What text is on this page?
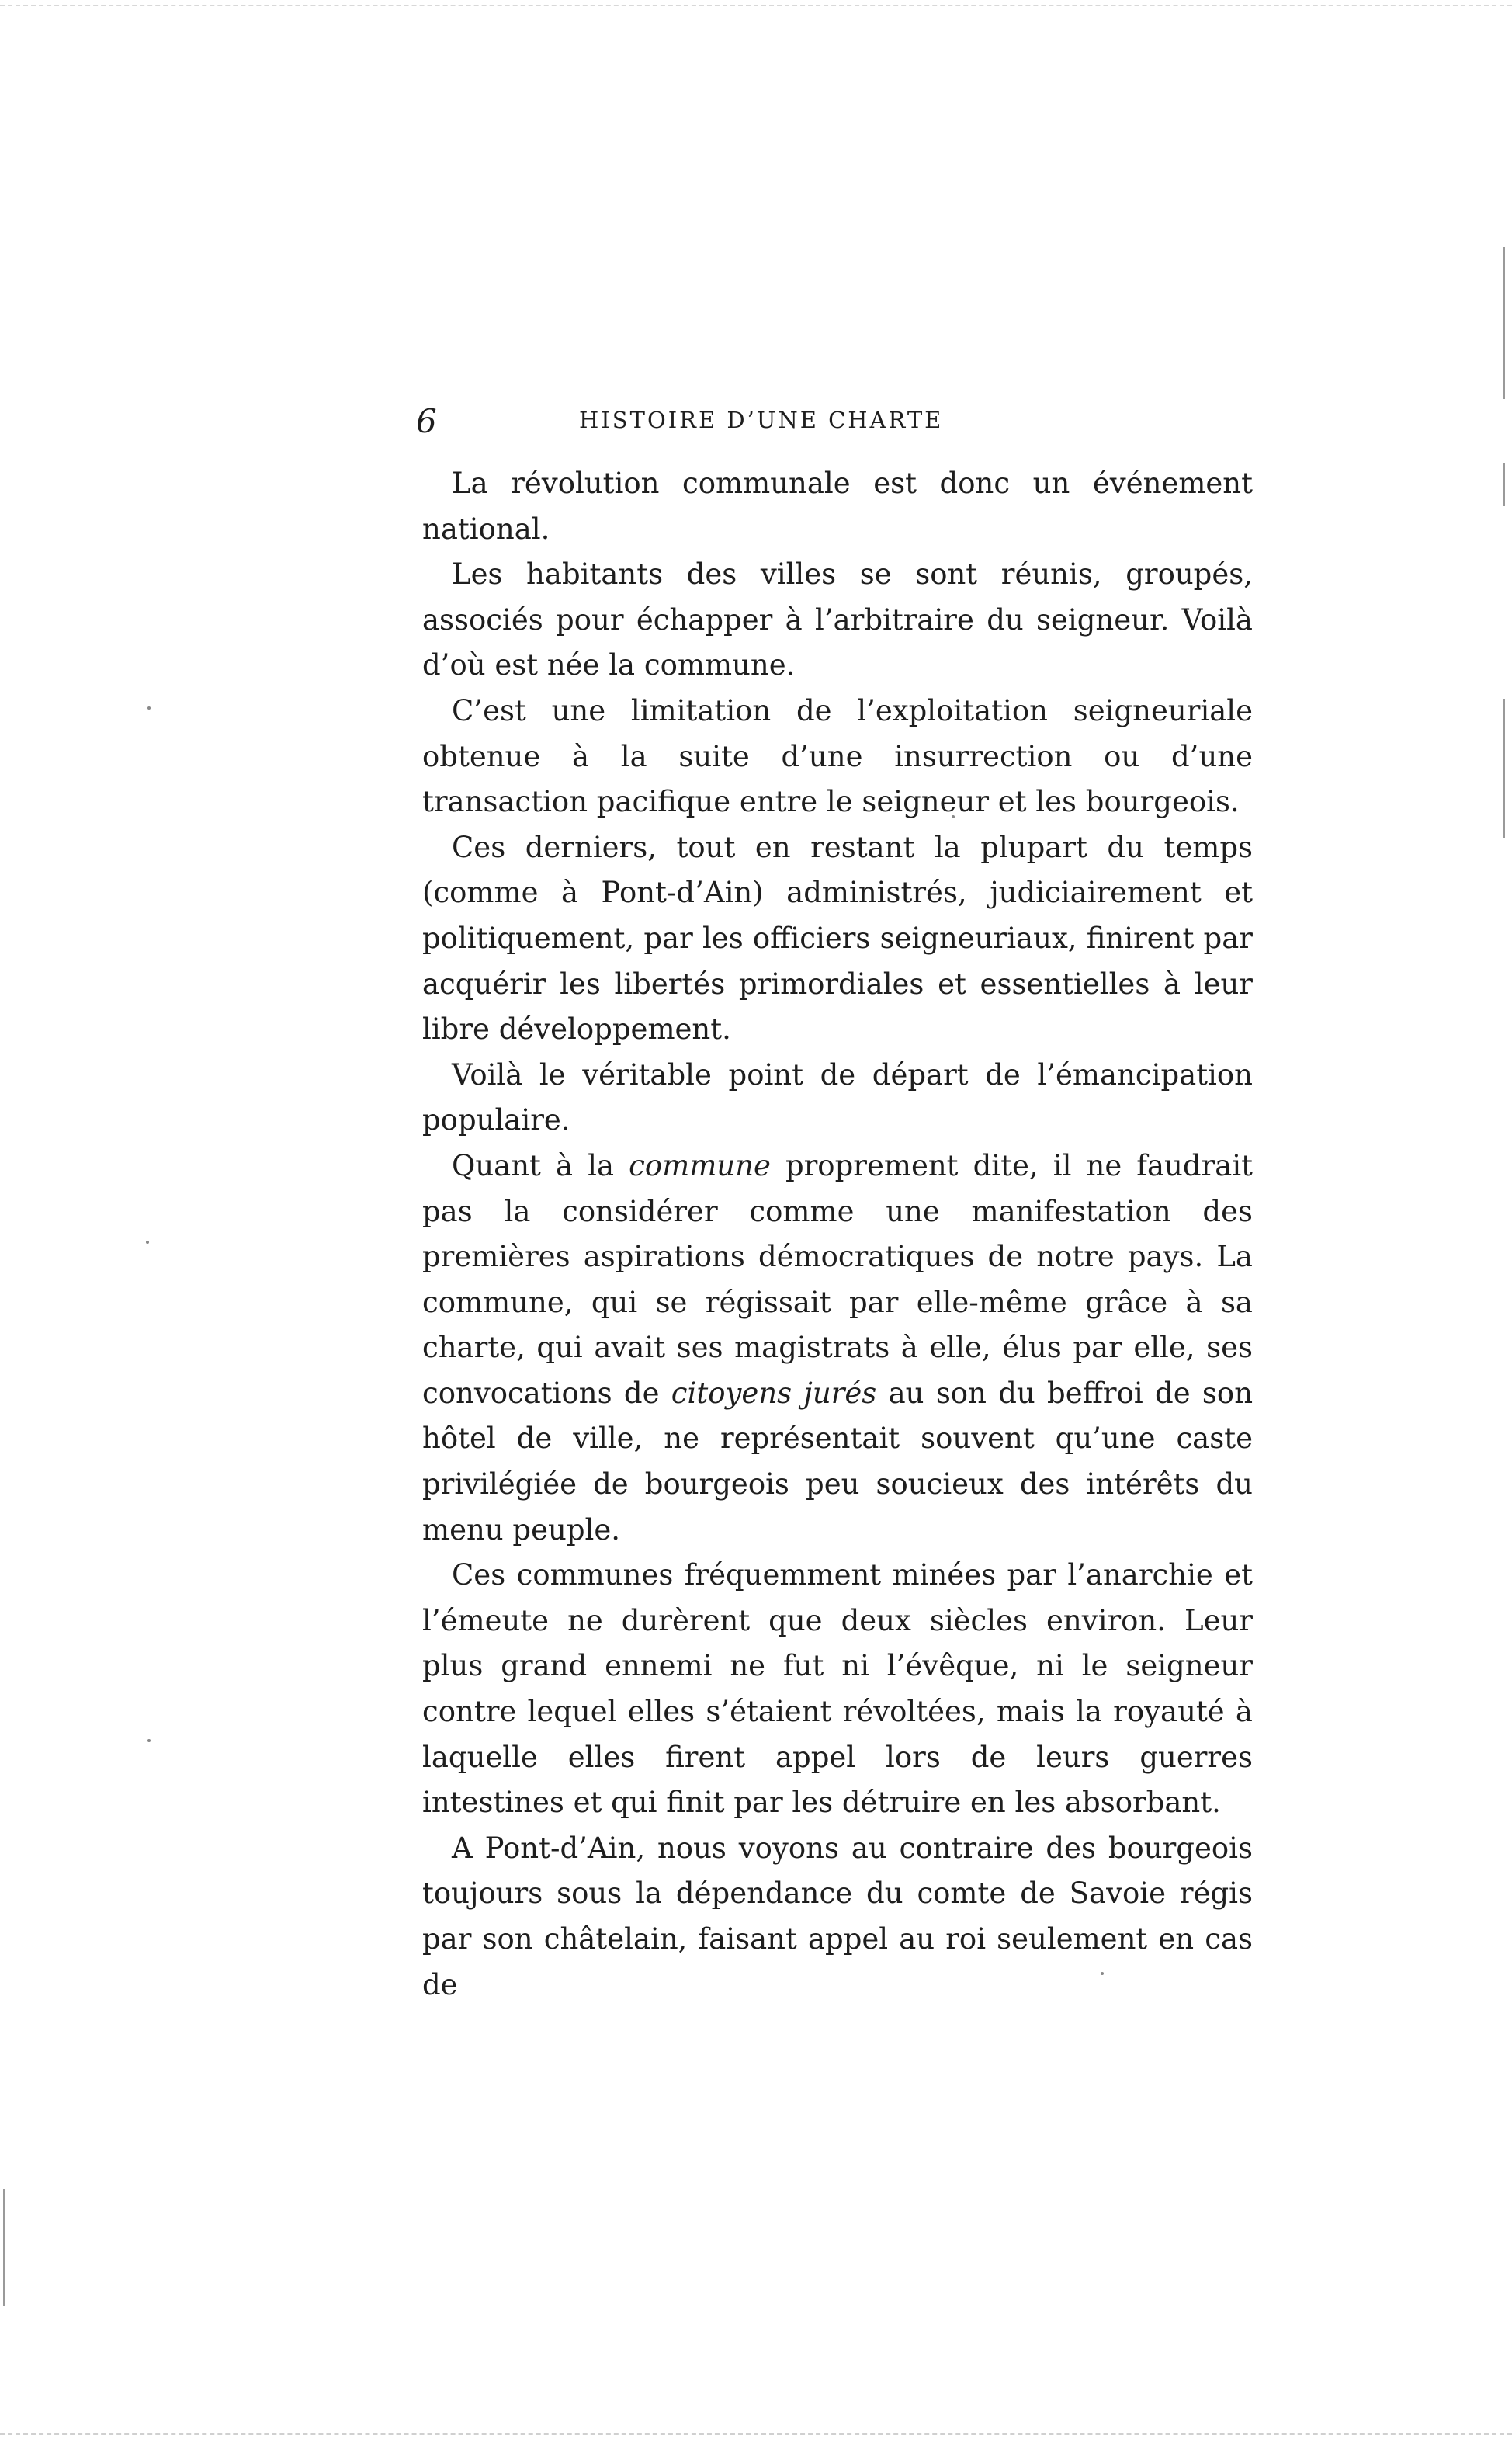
6	HISTOIRE D’UNE CHARTE

La révolution communale est donc un événement national.

Les habitants des villes se sont réunis, groupés, associés pour échapper à l’arbitraire du seigneur. Voilà d’où est née la commune.

C’est une limitation de l’exploitation seigneuriale obtenue à la suite d’une insurrection ou d’une transaction pacifique entre le seigneur et les bourgeois.

Ces derniers, tout en restant la plupart du temps (comme à Pont-d’Ain) administrés, judiciairement et politiquement, par les officiers seigneuriaux, finirent par acquérir les libertés primordiales et essentielles à leur libre développement.

Voilà le véritable point de départ de l’émancipation populaire.

Quant à la commune proprement dite, il ne faudrait pas la considérer comme une manifestation des premières aspirations démocratiques de notre pays. La commune, qui se régissait par elle-même grâce à sa charte, qui avait ses magistrats à elle, élus par elle, ses convocations de citoyens jurés au son du beffroi de son hôtel de ville, ne représentait souvent qu’une caste privilégiée de bourgeois peu soucieux des intérêts du menu peuple.

Ces communes fréquemment minées par l’anarchie et l’émeute ne durèrent que deux siècles environ. Leur plus grand ennemi ne fut ni l’évêque, ni le seigneur contre lequel elles s’étaient révoltées, mais la royauté à laquelle elles firent appel lors de leurs guerres intestines et qui finit par les détruire en les absorbant.

A Pont-d’Ain, nous voyons au contraire des bourgeois toujours sous la dépendance du comte de Savoie régis par son châtelain, faisant appel au roi seulement en cas de
